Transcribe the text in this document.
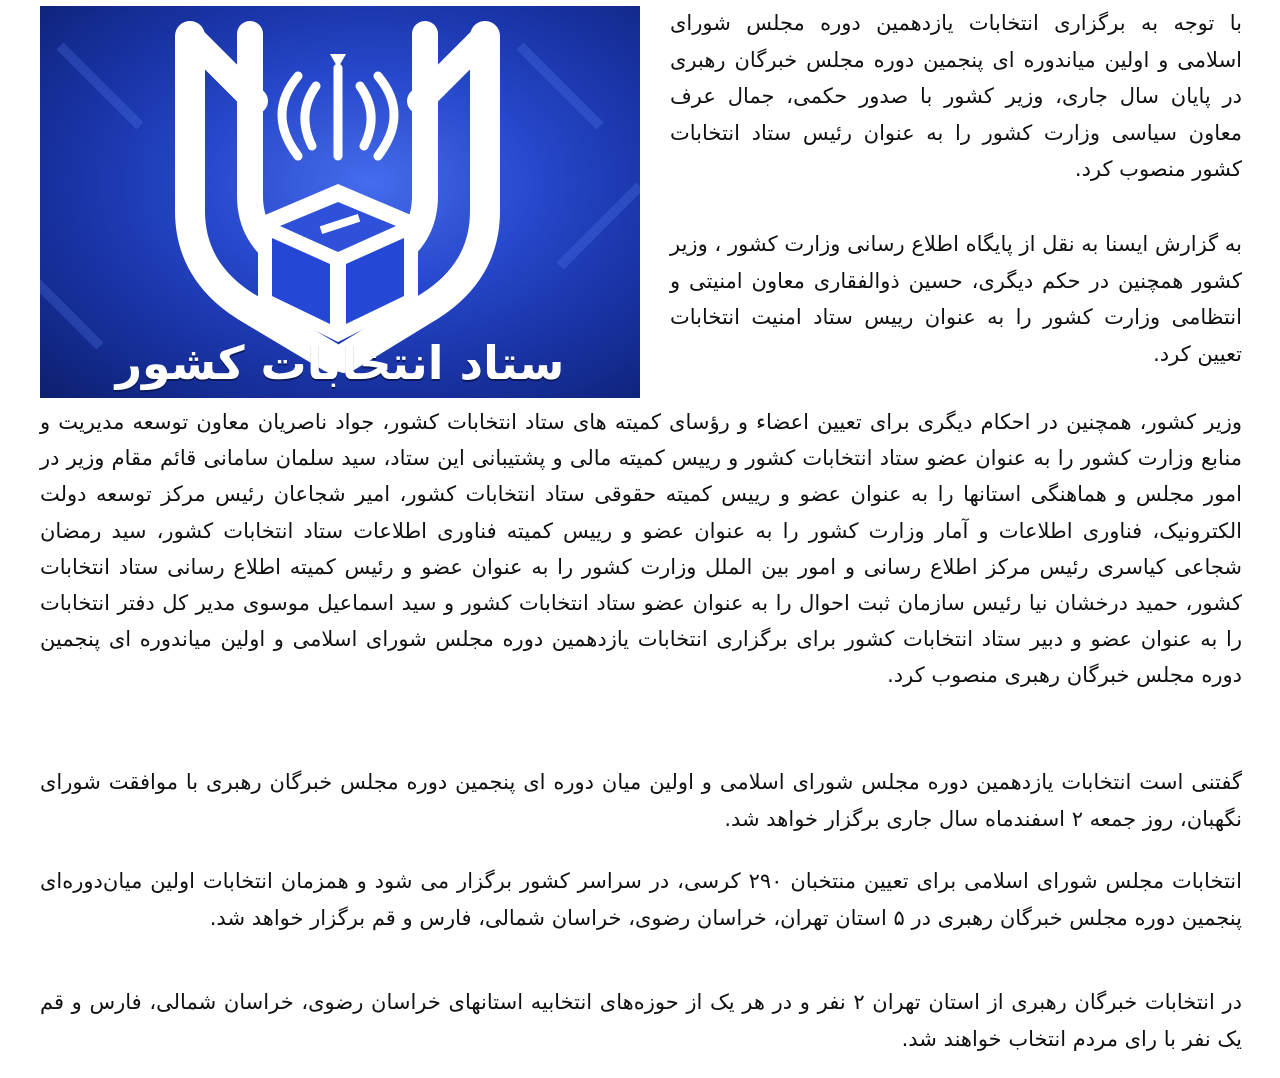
ستاد انتخابات کشور

با توجه به برگزاری انتخابات یازدهمین دوره مجلس شورای اسلامی و اولین میاندوره ای پنجمین دوره مجلس خبرگان رهبری در پایان سال جاری، وزیر کشور با صدور حکمی، جمال عرف معاون سیاسی وزارت کشور را به عنوان رئیس ستاد انتخابات کشور منصوب کرد.

به گزارش ایسنا به نقل از پایگاه اطلاع رسانی وزارت کشور ، وزیر کشور همچنین در حکم دیگری، حسین ذوالفقاری معاون امنیتی و انتظامی وزارت کشور را به عنوان رییس ستاد امنیت انتخابات تعیین کرد.

وزیر کشور، همچنین در احکام دیگری برای تعیین اعضاء و رؤسای کمیته های ستاد انتخابات کشور، جواد ناصریان معاون توسعه مدیریت و منابع وزارت کشور را به عنوان عضو ستاد انتخابات کشور و رییس کمیته مالی و پشتیبانی این ستاد، سید سلمان سامانی قائم مقام وزیر در امور مجلس و هماهنگی استانها را به عنوان عضو و رییس کمیته حقوقی ستاد انتخابات کشور، امیر شجاعان رئیس مرکز توسعه دولت الکترونیک، فناوری اطلاعات و آمار وزارت کشور را به عنوان عضو و رییس کمیته فناوری اطلاعات ستاد انتخابات کشور، سید رمضان شجاعی کیاسری رئیس مرکز اطلاع رسانی و امور بین الملل وزارت کشور را به عنوان عضو و رئیس کمیته اطلاع رسانی ستاد انتخابات کشور، حمید درخشان نیا رئیس سازمان ثبت احوال را به عنوان عضو ستاد انتخابات کشور و سید اسماعیل موسوی مدیر کل دفتر انتخابات را به عنوان عضو و دبیر ستاد انتخابات کشور برای برگزاری انتخابات یازدهمین دوره مجلس شورای اسلامی و اولین میاندوره ای پنجمین دوره مجلس خبرگان رهبری منصوب کرد.

گفتنی است انتخابات یازدهمین دوره مجلس شورای اسلامی و اولین میان دوره ای پنجمین دوره مجلس خبرگان رهبری با موافقت شورای نگهبان، روز جمعه ۲ اسفندماه سال جاری برگزار خواهد شد.

انتخابات مجلس شورای اسلامی برای تعیین منتخبان ۲۹۰ کرسی، در سراسر کشور برگزار می شود و همزمان انتخابات اولین میان‌دوره‌ای پنجمین دوره مجلس خبرگان رهبری در ۵ استان تهران، خراسان رضوی، خراسان شمالی، فارس و قم برگزار خواهد شد.

در انتخابات خبرگان رهبری از استان تهران ۲ نفر و در هر یک از حوزه‌های انتخابیه استانهای خراسان رضوی، خراسان شمالی، فارس و قم یک نفر با رای مردم انتخاب خواهند شد.
